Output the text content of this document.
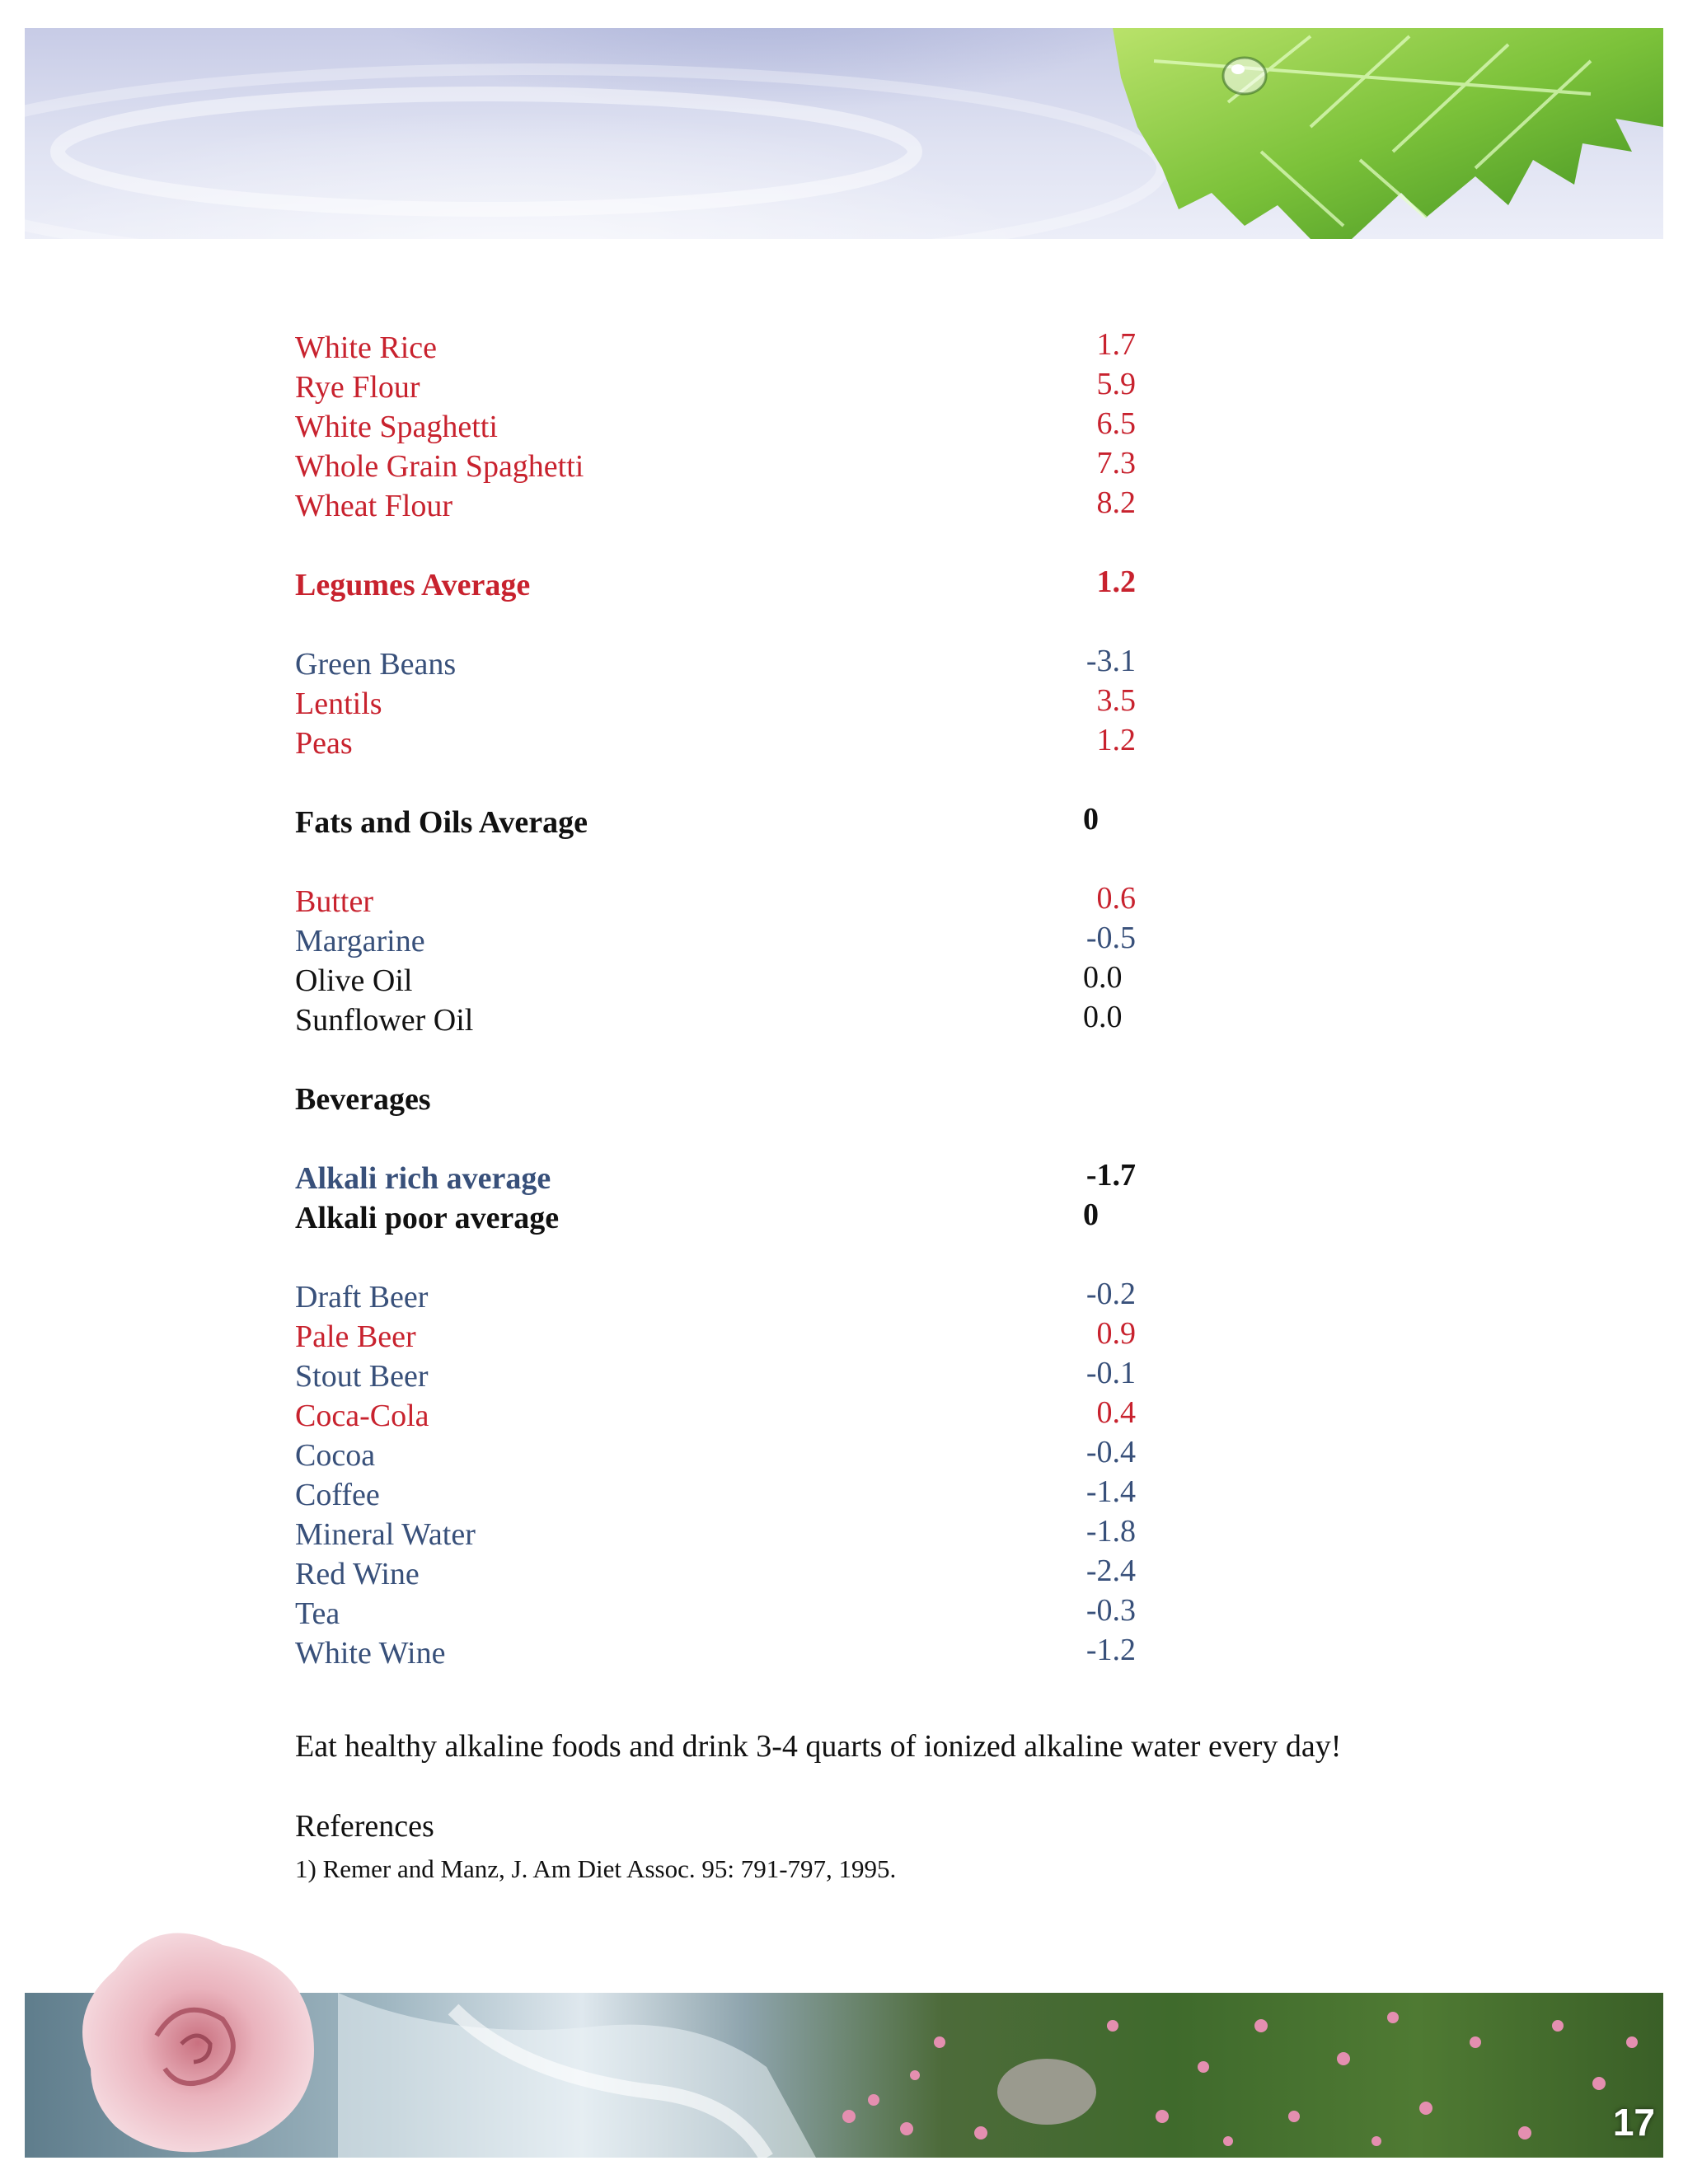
White Rice	1.7
Rye Flour	5.9
White Spaghetti	6.5
Whole Grain Spaghetti	7.3
Wheat Flour	8.2
Legumes Average	1.2
Green Beans	-3.1
Lentils	3.5
Peas	1.2
Fats and Oils Average	0
Butter	0.6
Margarine	-0.5
Olive Oil	0.0
Sunflower Oil	0.0
Beverages
Alkali rich average	-1.7
Alkali poor average	0
Draft Beer	-0.2
Pale Beer	0.9
Stout Beer	-0.1
Coca-Cola	0.4
Cocoa	-0.4
Coffee	-1.4
Mineral Water	-1.8
Red Wine	-2.4
Tea	-0.3
White Wine	-1.2
Eat healthy alkaline foods and drink 3-4 quarts of ionized alkaline water every day!
References
1) Remer and Manz, J. Am Diet Assoc. 95: 791-797, 1995.
17
